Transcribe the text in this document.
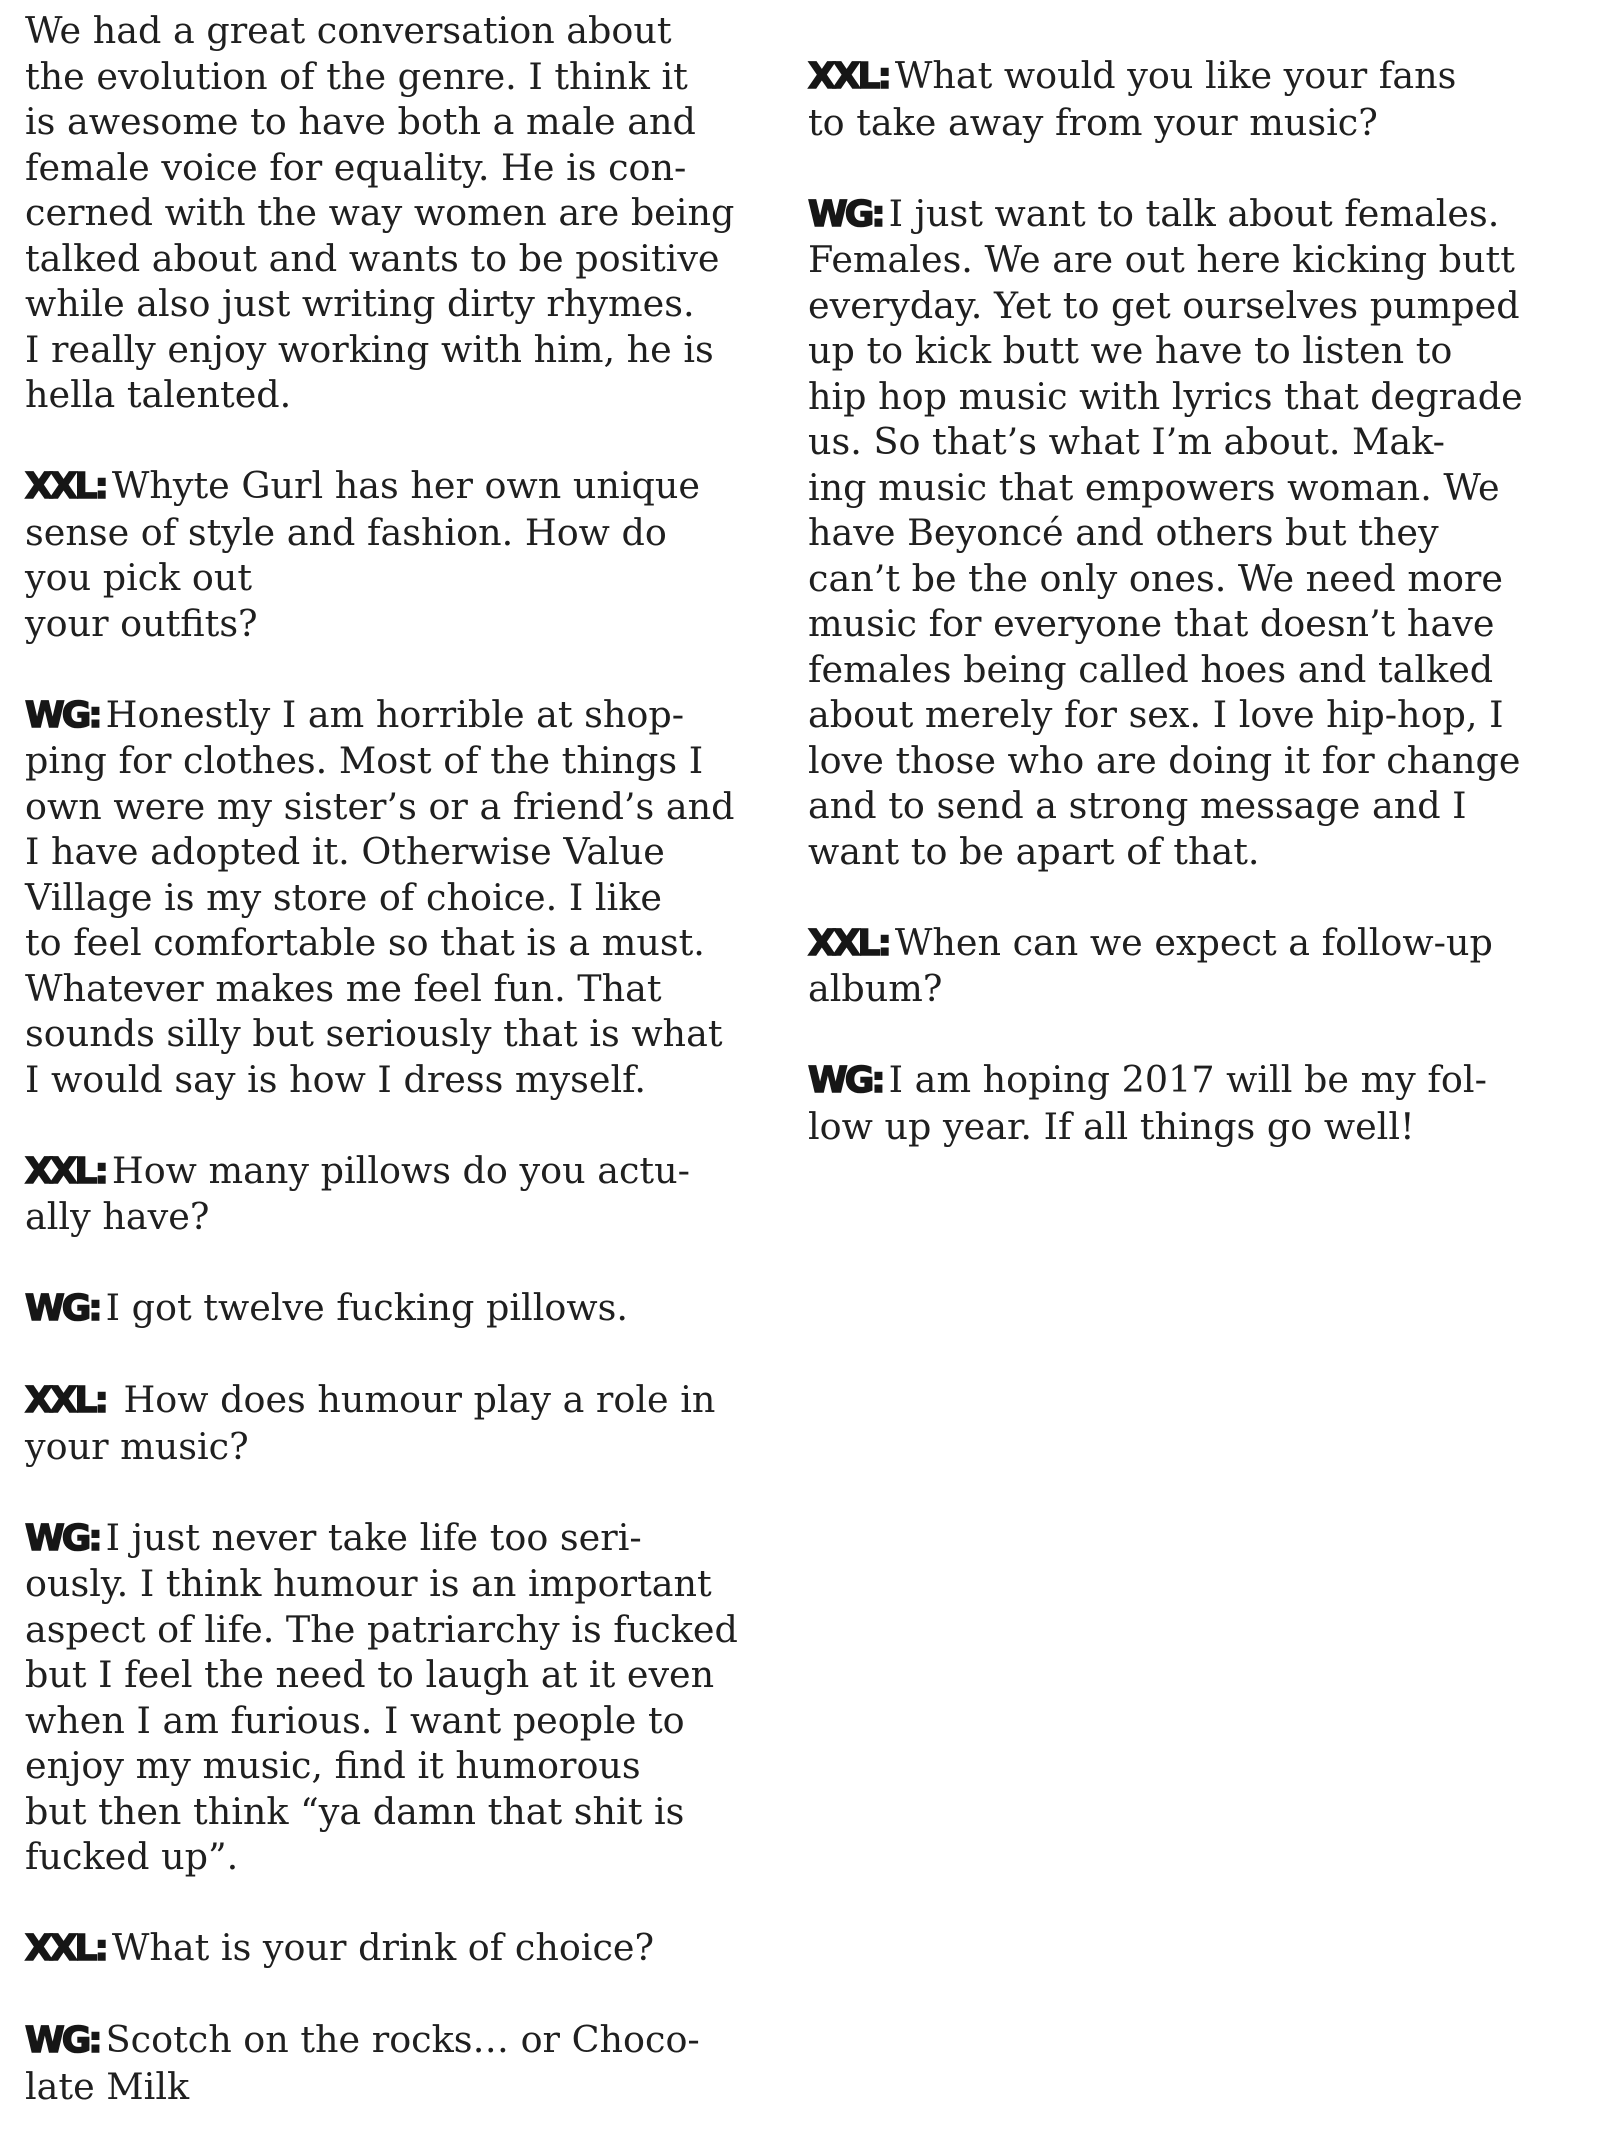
We had a great conversation about
the evolution of the genre. I think it
is awesome to have both a male and
female voice for equality. He is con-
cerned with the way women are being
talked about and wants to be positive
while also just writing dirty rhymes.
I really enjoy working with him, he is
hella talented.
XXL: Whyte Gurl has her own unique
sense of style and fashion. How do
you pick out
your outfits?
WG: Honestly I am horrible at shop-
ping for clothes. Most of the things I
own were my sister’s or a friend’s and
I have adopted it. Otherwise Value
Village is my store of choice. I like
to feel comfortable so that is a must.
Whatever makes me feel fun. That
sounds silly but seriously that is what
I would say is how I dress myself.
XXL: How many pillows do you actu-
ally have?
WG: I got twelve fucking pillows.
XXL: How does humour play a role in
your music?
WG: I just never take life too seri-
ously. I think humour is an important
aspect of life. The patriarchy is fucked
but I feel the need to laugh at it even
when I am furious. I want people to
enjoy my music, find it humorous
but then think “ya damn that shit is
fucked up”.
XXL: What is your drink of choice?
WG: Scotch on the rocks… or Choco-
late Milk
XXL: What would you like your fans
to take away from your music?
WG: I just want to talk about females.
Females. We are out here kicking butt
everyday. Yet to get ourselves pumped
up to kick butt we have to listen to
hip hop music with lyrics that degrade
us. So that’s what I’m about. Mak-
ing music that empowers woman. We
have Beyoncé and others but they
can’t be the only ones. We need more
music for everyone that doesn’t have
females being called hoes and talked
about merely for sex. I love hip-hop, I
love those who are doing it for change
and to send a strong message and I
want to be apart of that.
XXL: When can we expect a follow-up
album?
WG: I am hoping 2017 will be my fol-
low up year. If all things go well!
